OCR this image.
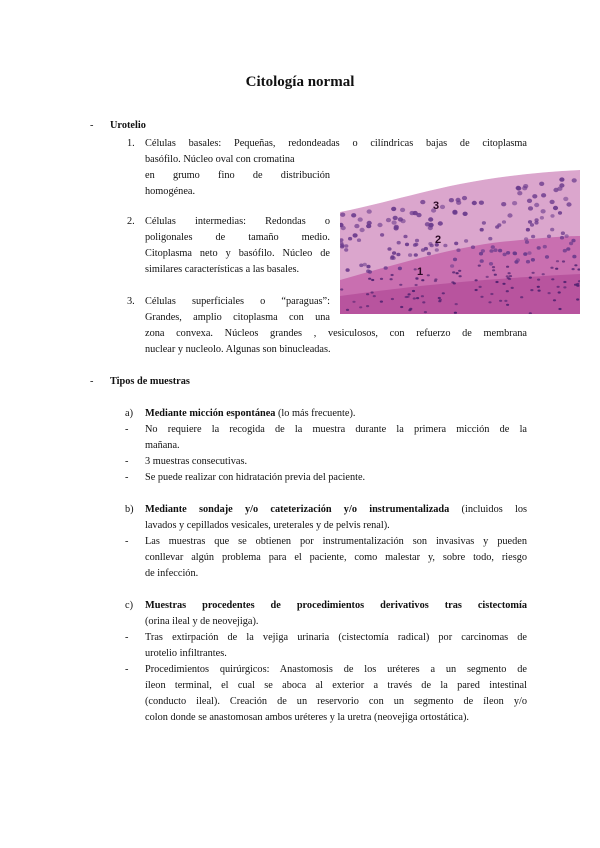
Citología normal
- Urotelio
1. Células basales: Pequeñas, redondeadas o cilíndricas bajas de citoplasma
basófilo. Núcleo oval con cromatina
en grumo fino de distribución
homogénea.
2. Células intermedias: Redondas o
poligonales de tamaño medio.
Citoplasma neto y basófilo. Núcleo de
similares características a las basales.
3. Células superficiales o “paraguas”:
Grandes, amplio citoplasma con una
zona convexa. Núcleos grandes , vesiculosos, con refuerzo de membrana
nuclear y nucleolo. Algunas son binucleadas.
3
2
1
- Tipos de muestras
a) Mediante micción espontánea (lo más frecuente).
- No requiere la recogida de la muestra durante la primera micción de la
mañana.
- 3 muestras consecutivas.
- Se puede realizar con hidratación previa del paciente.
b) Mediante sondaje y/o cateterización y/o instrumentalizada (incluidos los
lavados y cepillados vesicales, ureterales y de pelvis renal).
- Las muestras que se obtienen por instrumentalización son invasivas y pueden
conllevar algún problema para el paciente, como malestar y, sobre todo, riesgo
de infección.
c) Muestras procedentes de procedimientos derivativos tras cistectomía
(orina ileal y de neovejiga).
- Tras extirpación de la vejiga urinaria (cistectomía radical) por carcinomas de
urotelio infiltrantes.
- Procedimientos quirúrgicos: Anastomosis de los uréteres a un segmento de
íleon terminal, el cual se aboca al exterior a través de la pared intestinal
(conducto ileal). Creación de un reservorio con un segmento de íleon y/o
colon donde se anastomosan ambos uréteres y la uretra (neovejiga ortostática).
